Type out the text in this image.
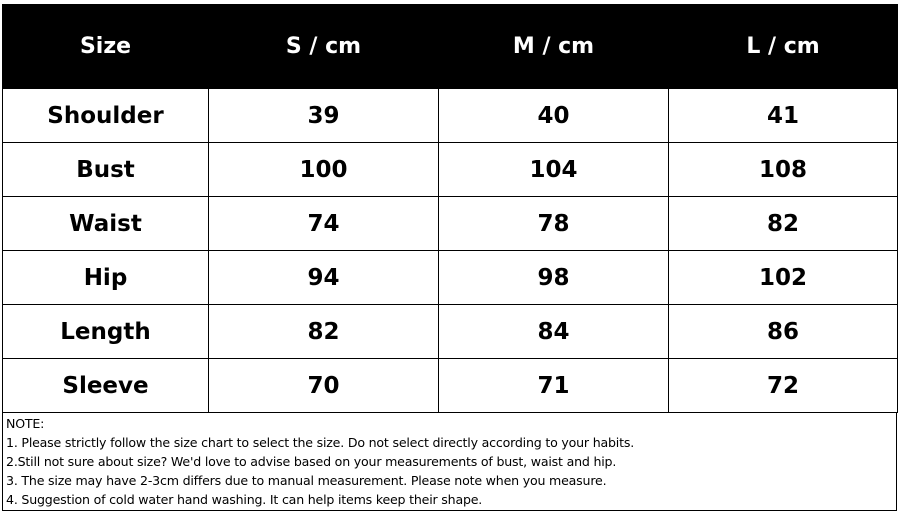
Size	S / cm	M / cm	L / cm
Shoulder	39	40	41
Bust	100	104	108
Waist	74	78	82
Hip	94	98	102
Length	82	84	86
Sleeve	70	71	72
NOTE:
1. Please strictly follow the size chart to select the size. Do not select directly according to your habits.
2.Still not sure about size? We'd love to advise based on your measurements of bust, waist and hip.
3. The size may have 2-3cm differs due to manual measurement. Please note when you measure.
4. Suggestion of cold water hand washing. It can help items keep their shape.
